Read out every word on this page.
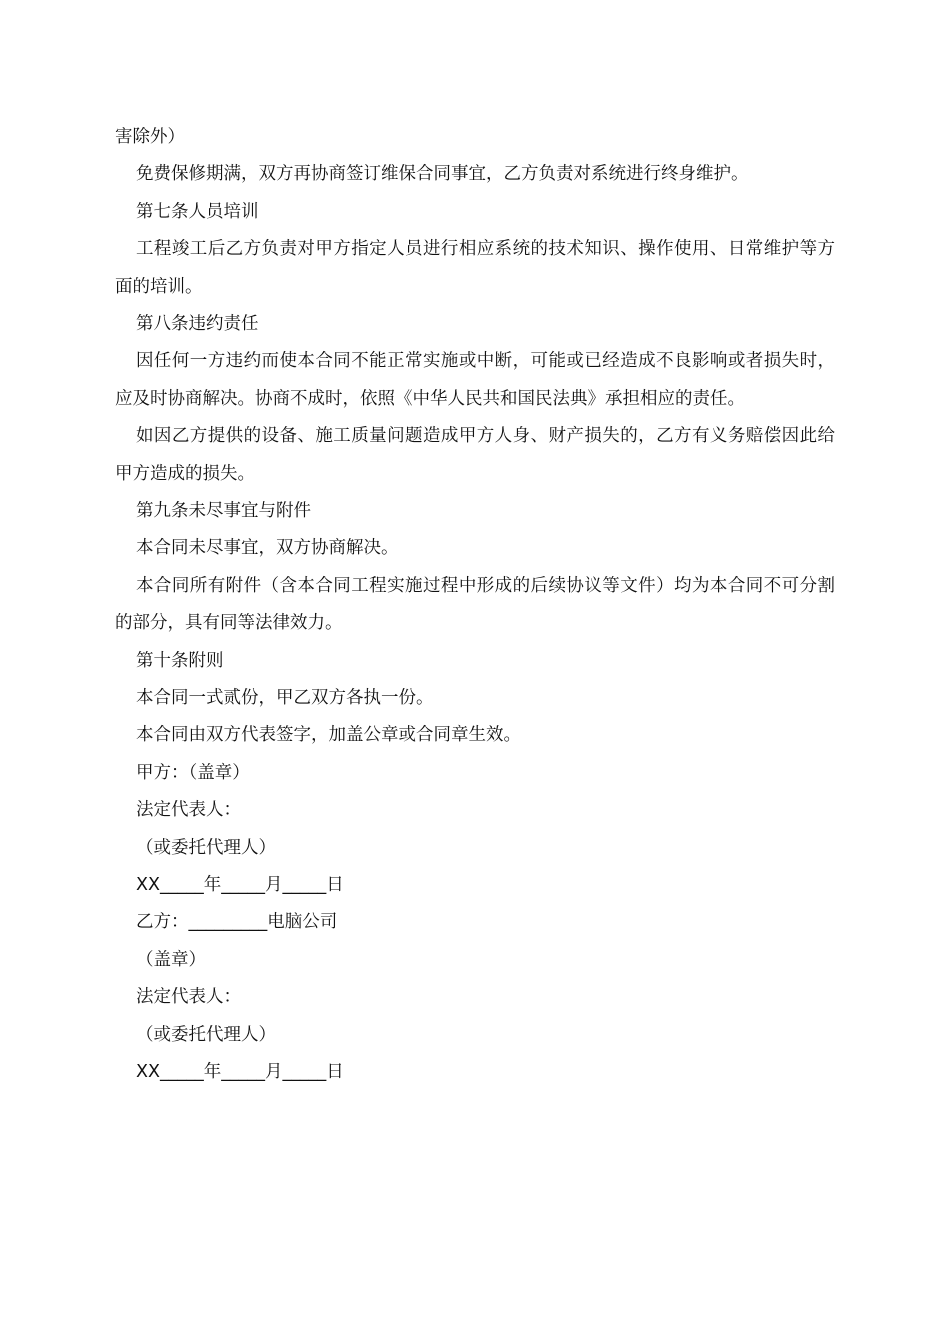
害除外）
免费保修期满，双方再协商签订维保合同事宜，乙方负责对系统进行终身维护。
第七条人员培训
工程竣工后乙方负责对甲方指定人员进行相应系统的技术知识、操作使用、日常维护等方面的培训。
第八条违约责任
因任何一方违约而使本合同不能正常实施或中断，可能或已经造成不良影响或者损失时，应及时协商解决。协商不成时，依照《中华人民共和国民法典》承担相应的责任。
如因乙方提供的设备、施工质量问题造成甲方人身、财产损失的，乙方有义务赔偿因此给甲方造成的损失。
第九条未尽事宜与附件
本合同未尽事宜，双方协商解决。
本合同所有附件（含本合同工程实施过程中形成的后续协议等文件）均为本合同不可分割的部分，具有同等法律效力。
第十条附则
本合同一式贰份，甲乙双方各执一份。
本合同由双方代表签字，加盖公章或合同章生效。
甲方：（盖章）
法定代表人：
（或委托代理人）
XX_____年_____月_____日
乙方：_________电脑公司
（盖章）
法定代表人：
（或委托代理人）
XX_____年_____月_____日
